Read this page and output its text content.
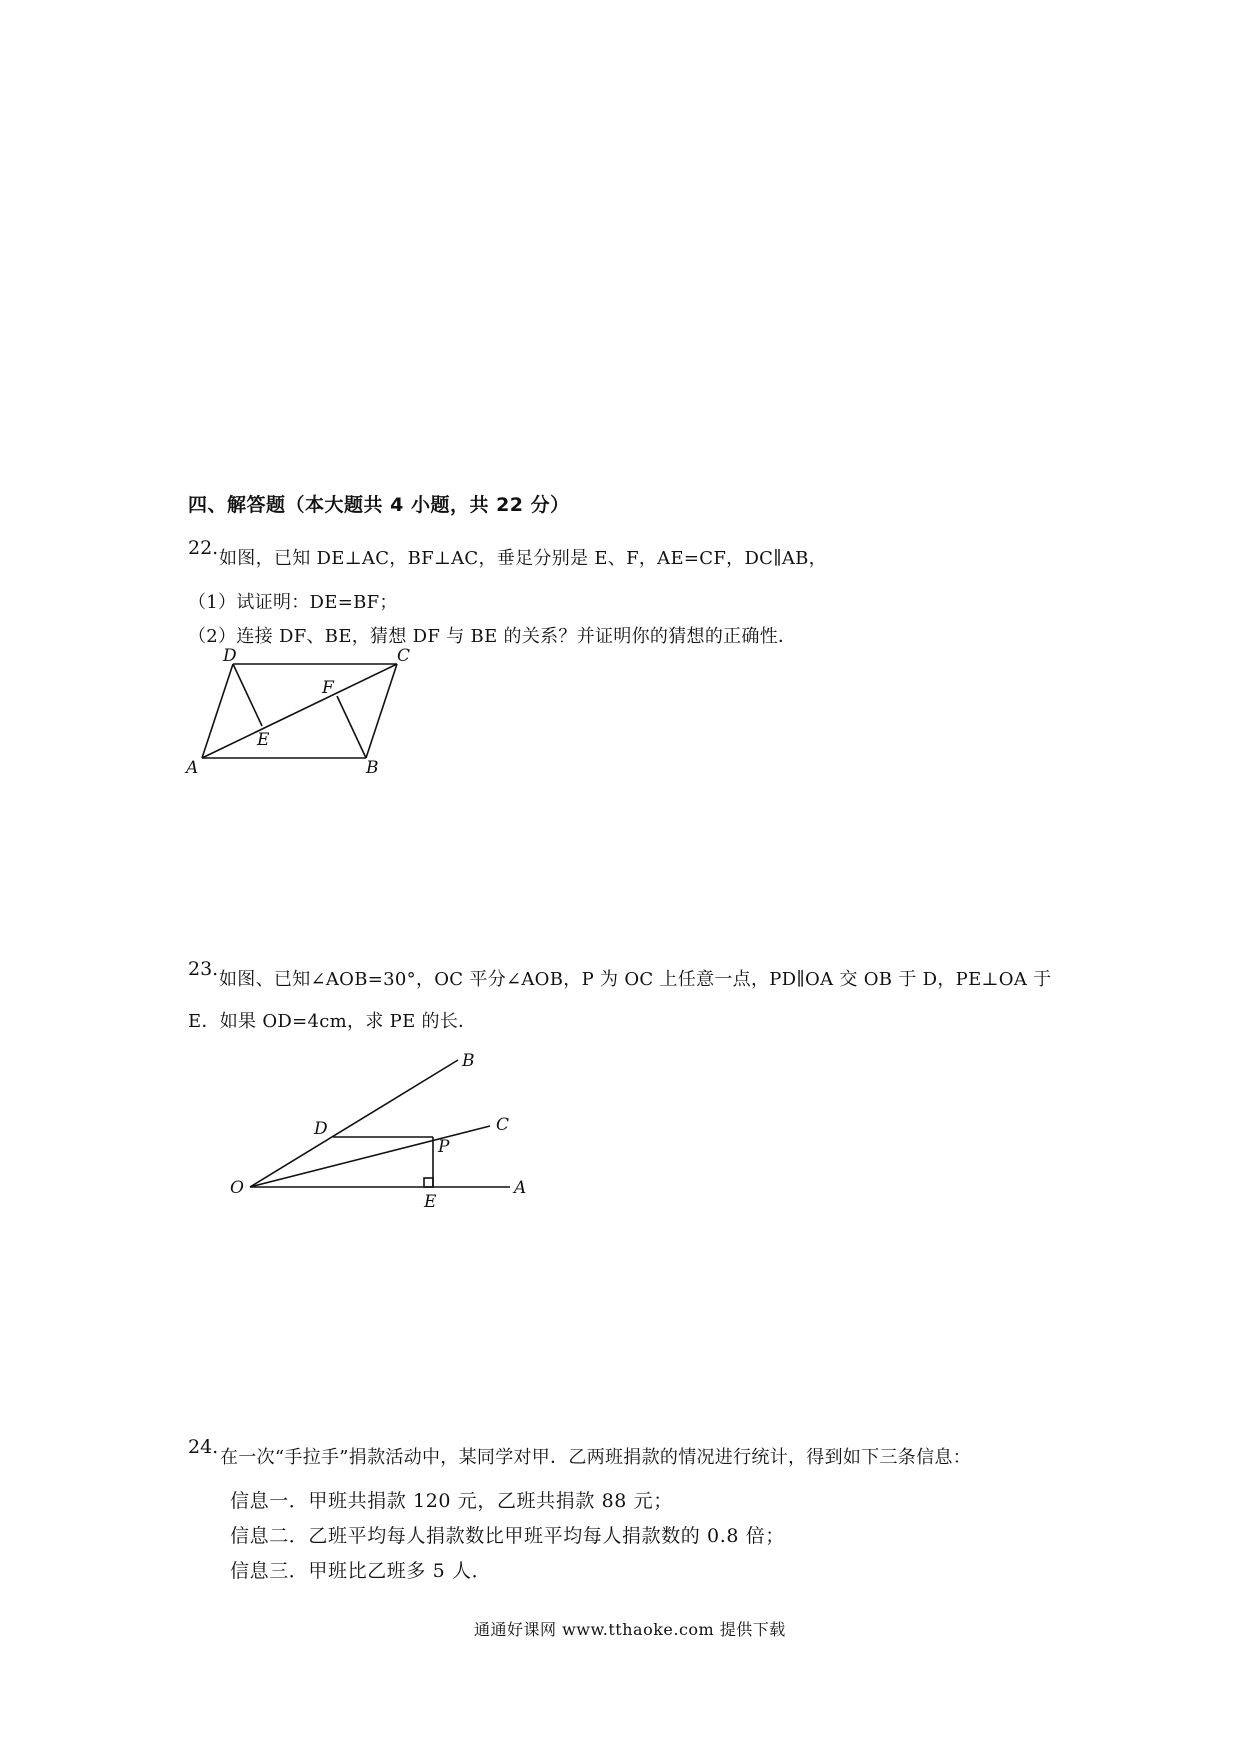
四、解答题（本大题共 4 小题，共 22 分）
22. 如图，已知 DE⊥AC，BF⊥AC，垂足分别是 E、F，AE=CF，DC∥AB，
（1）试证明：DE=BF；
（2）连接 DF、BE，猜想 DF 与 BE 的关系？并证明你的猜想的正确性．
D	C
F
E
A	B
23. 如图、已知∠AOB=30°，OC 平分∠AOB，P 为 OC 上任意一点，PD∥OA 交 OB 于 D，PE⊥OA 于
E．如果 OD=4cm，求 PE 的长．
B
D	C
P
O
E
A
24. 在一次“手拉手”捐款活动中，某同学对甲．乙两班捐款的情况进行统计，得到如下三条信息：
信息一．甲班共捐款 120 元，乙班共捐款 88 元；
信息二．乙班平均每人捐款数比甲班平均每人捐款数的 0.8 倍；
信息三．甲班比乙班多 5 人．
通通好课网 www.tthaoke.com 提供下载
